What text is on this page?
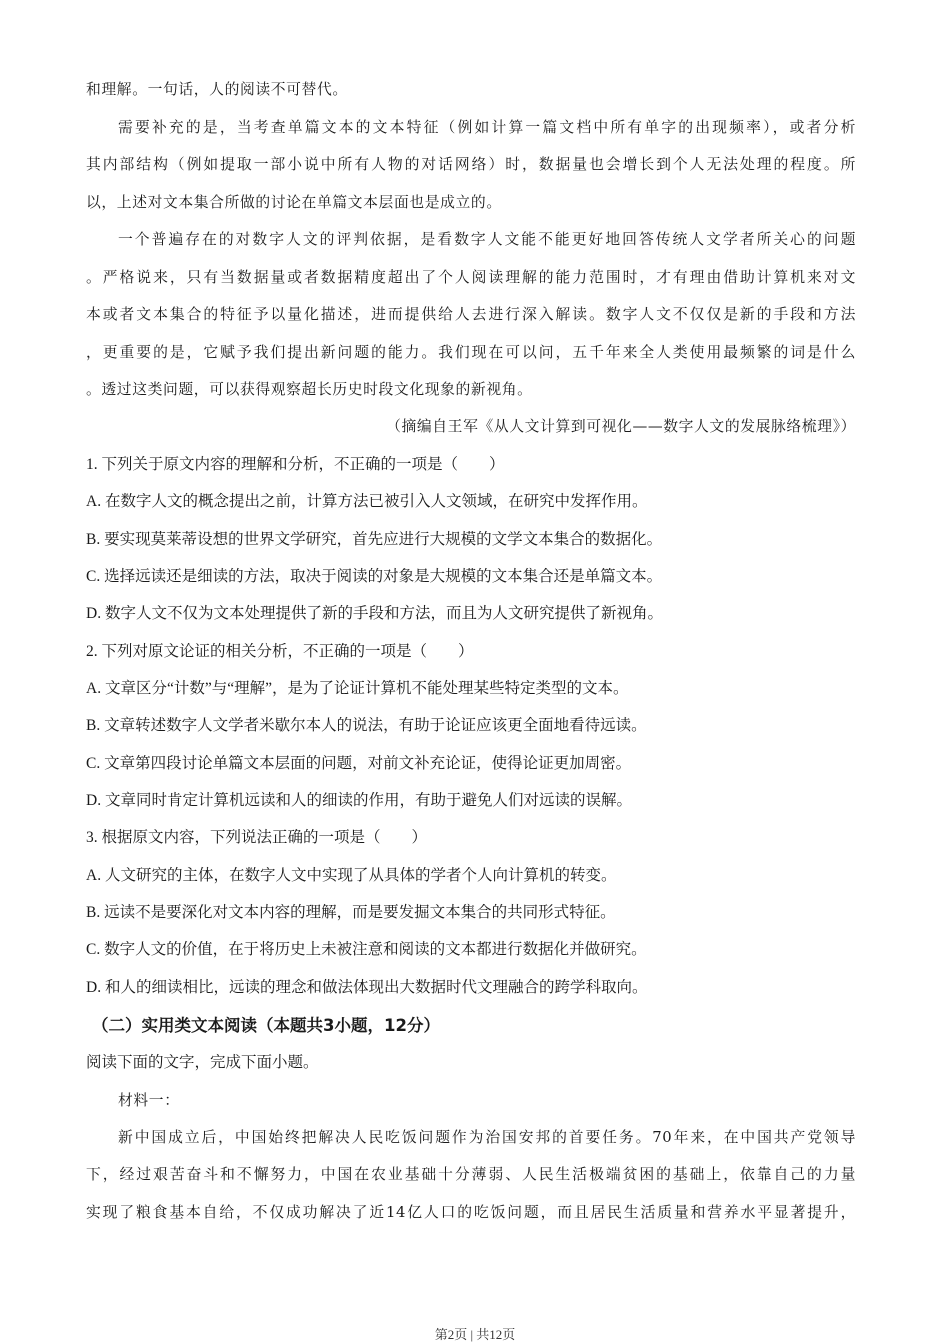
和理解。一句话，人的阅读不可替代。
需要补充的是，当考查单篇文本的文本特征（例如计算一篇文档中所有单字的出现频率），或者分析
其内部结构（例如提取一部小说中所有人物的对话网络）时，数据量也会增长到个人无法处理的程度。所
以，上述对文本集合所做的讨论在单篇文本层面也是成立的。
一个普遍存在的对数字人文的评判依据，是看数字人文能不能更好地回答传统人文学者所关心的问题
。严格说来，只有当数据量或者数据精度超出了个人阅读理解的能力范围时，才有理由借助计算机来对文
本或者文本集合的特征予以量化描述，进而提供给人去进行深入解读。数字人文不仅仅是新的手段和方法
，更重要的是，它赋予我们提出新问题的能力。我们现在可以问，五千年来全人类使用最频繁的词是什么
。透过这类问题，可以获得观察超长历史时段文化现象的新视角。
（摘编自王军《从人文计算到可视化——数字人文的发展脉络梳理》）
1. 下列关于原文内容的理解和分析，不正确的一项是（　　）
A. 在数字人文的概念提出之前，计算方法已被引入人文领域，在研究中发挥作用。
B. 要实现莫莱蒂设想的世界文学研究，首先应进行大规模的文学文本集合的数据化。
C. 选择远读还是细读的方法，取决于阅读的对象是大规模的文本集合还是单篇文本。
D. 数字人文不仅为文本处理提供了新的手段和方法，而且为人文研究提供了新视角。
2. 下列对原文论证的相关分析，不正确的一项是（　　）
A. 文章区分“计数”与“理解”，是为了论证计算机不能处理某些特定类型的文本。
B. 文章转述数字人文学者米歇尔本人的说法，有助于论证应该更全面地看待远读。
C. 文章第四段讨论单篇文本层面的问题，对前文补充论证，使得论证更加周密。
D. 文章同时肯定计算机远读和人的细读的作用，有助于避免人们对远读的误解。
3. 根据原文内容，下列说法正确的一项是（　　）
A. 人文研究的主体，在数字人文中实现了从具体的学者个人向计算机的转变。
B. 远读不是要深化对文本内容的理解，而是要发掘文本集合的共同形式特征。
C. 数字人文的价值，在于将历史上未被注意和阅读的文本都进行数据化并做研究。
D. 和人的细读相比，远读的理念和做法体现出大数据时代文理融合的跨学科取向。
（二）实用类文本阅读（本题共3小题，12分）
阅读下面的文字，完成下面小题。
材料一：
新中国成立后，中国始终把解决人民吃饭问题作为治国安邦的首要任务。70年来，在中国共产党领导
下，经过艰苦奋斗和不懈努力，中国在农业基础十分薄弱、人民生活极端贫困的基础上，依靠自己的力量
实现了粮食基本自给，不仅成功解决了近14亿人口的吃饭问题，而且居民生活质量和营养水平显著提升，
第2页 | 共12页
